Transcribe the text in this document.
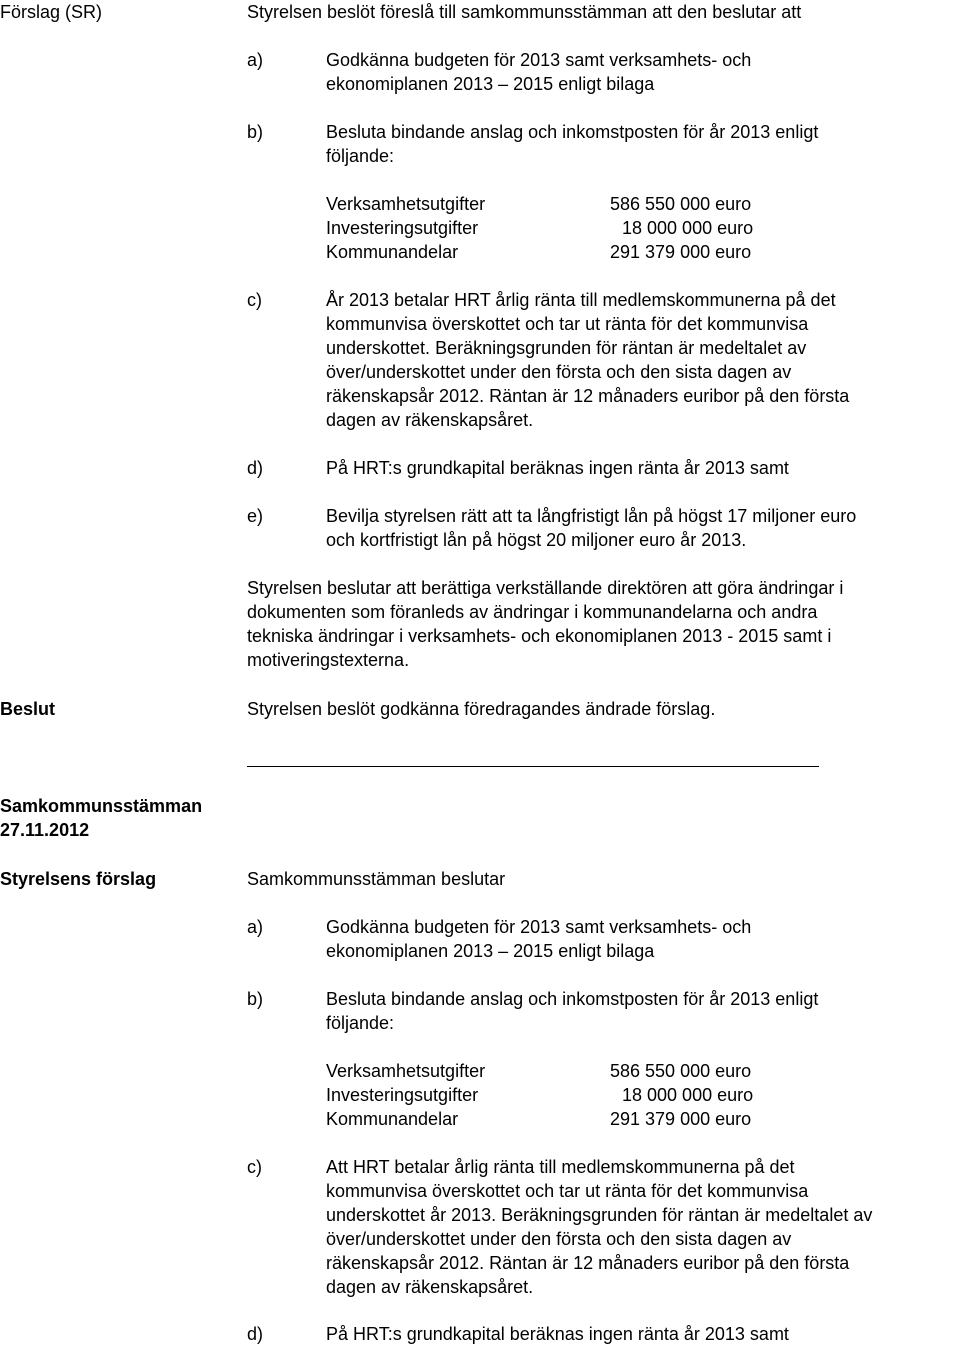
Förslag (SR)	Styrelsen beslöt föreslå till samkommunsstämman att den beslutar att
a)	Godkänna budgeten för 2013 samt verksamhets- och
ekonomiplanen 2013 – 2015 enligt bilaga
b)	Besluta bindande anslag och inkomstposten för år 2013 enligt
följande:
Verksamhetsutgifter	586 550 000 euro
Investeringsutgifter	18 000 000 euro
Kommunandelar	291 379 000 euro
c)	År 2013 betalar HRT årlig ränta till medlemskommunerna på det
kommunvisa överskottet och tar ut ränta för det kommunvisa
underskottet. Beräkningsgrunden för räntan är medeltalet av
över/underskottet under den första och den sista dagen av
räkenskapsår 2012. Räntan är 12 månaders euribor på den första
dagen av räkenskapsåret.
d)	På HRT:s grundkapital beräknas ingen ränta år 2013 samt
e)	Bevilja styrelsen rätt att ta långfristigt lån på högst 17 miljoner euro
och kortfristigt lån på högst 20 miljoner euro år 2013.
Styrelsen beslutar att berättiga verkställande direktören att göra ändringar i
dokumenten som föranleds av ändringar i kommunandelarna och andra
tekniska ändringar i verksamhets- och ekonomiplanen 2013 - 2015 samt i
motiveringstexterna.
Beslut	Styrelsen beslöt godkänna föredragandes ändrade förslag.
Samkommunsstämman
27.11.2012
Styrelsens förslag	Samkommunsstämman beslutar
a)	Godkänna budgeten för 2013 samt verksamhets- och
ekonomiplanen 2013 – 2015 enligt bilaga
b)	Besluta bindande anslag och inkomstposten för år 2013 enligt
följande:
Verksamhetsutgifter	586 550 000 euro
Investeringsutgifter	18 000 000 euro
Kommunandelar	291 379 000 euro
c)	Att HRT betalar årlig ränta till medlemskommunerna på det
kommunvisa överskottet och tar ut ränta för det kommunvisa
underskottet år 2013. Beräkningsgrunden för räntan är medeltalet av
över/underskottet under den första och den sista dagen av
räkenskapsår 2012. Räntan är 12 månaders euribor på den första
dagen av räkenskapsåret.
d)	På HRT:s grundkapital beräknas ingen ränta år 2013 samt
